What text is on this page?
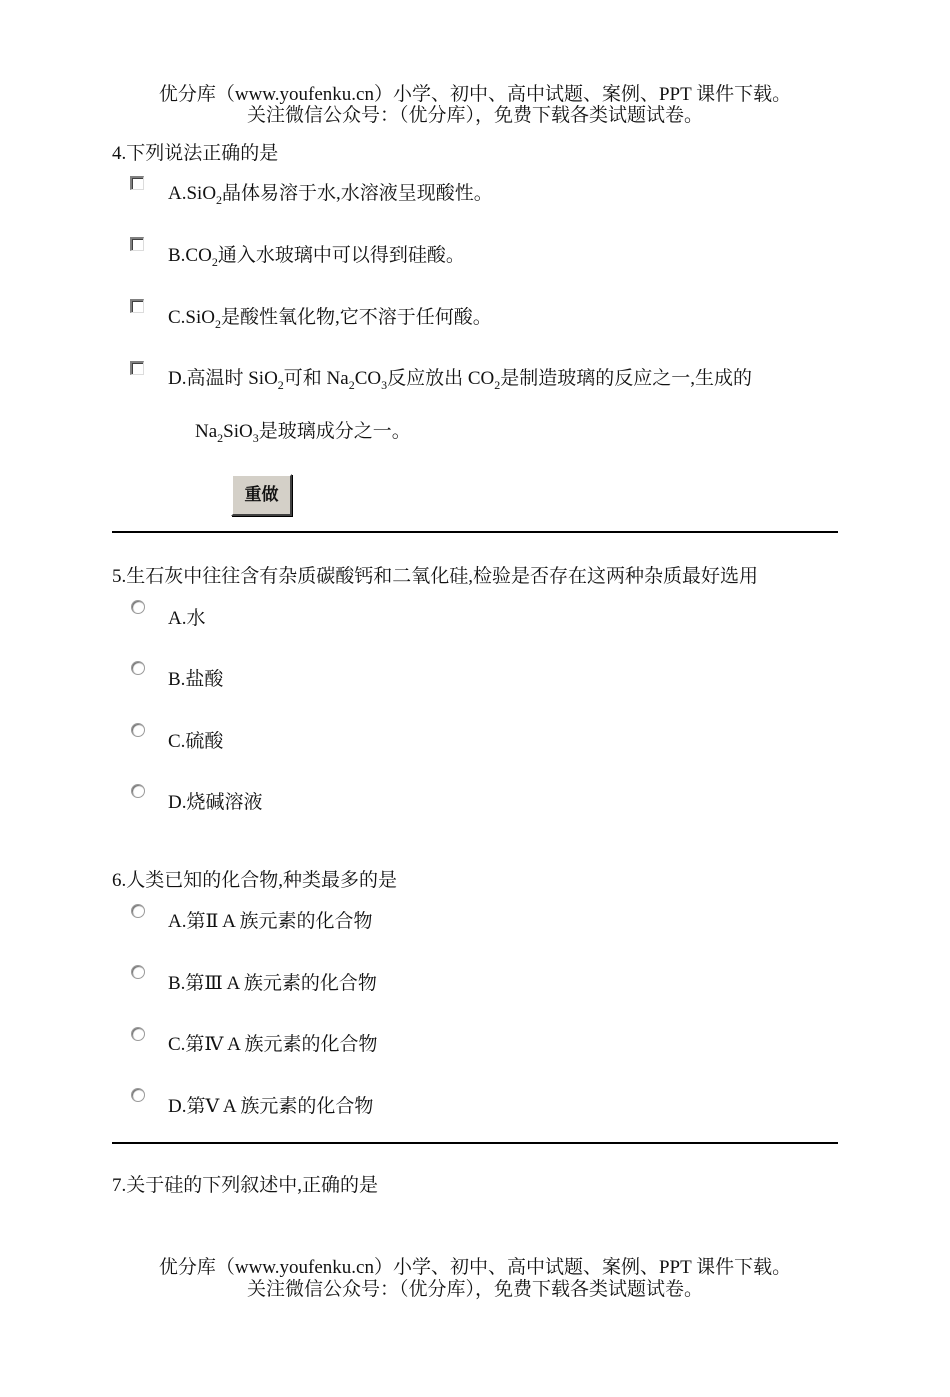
优分库（www.youfenku.cn）小学、初中、高中试题、案例、PPT 课件下载。
关注微信公众号：（优分库），免费下载各类试题试卷。
4.下列说法正确的是
A.SiO$_2$晶体易溶于水,水溶液呈现酸性。
$B.CO_2$通入水玻璃中可以得到硅酸。
C.SiO$_2$是酸性氧化物,它不溶于任何酸。
D.高温时 SiO$_2$可和 $Na_2CO_3$反应放出 $CO_2$是制造玻璃的反应之一,生成的
$Na_2SiO_3$是玻璃成分之一。
重做
5.生石灰中往往含有杂质碳酸钙和二氧化硅,检验是否存在这两种杂质最好选用
A.水
B.盐酸
C.硫酸
D.烧碱溶液
6.人类已知的化合物,种类最多的是
A.第Ⅱ A 族元素的化合物
B.第Ⅲ A 族元素的化合物
C.第Ⅳ A 族元素的化合物
D.第Ⅴ A 族元素的化合物
7.关于硅的下列叙述中,正确的是
优分库（www.youfenku.cn）小学、初中、高中试题、案例、PPT 课件下载。
关注微信公众号：（优分库），免费下载各类试题试卷。
